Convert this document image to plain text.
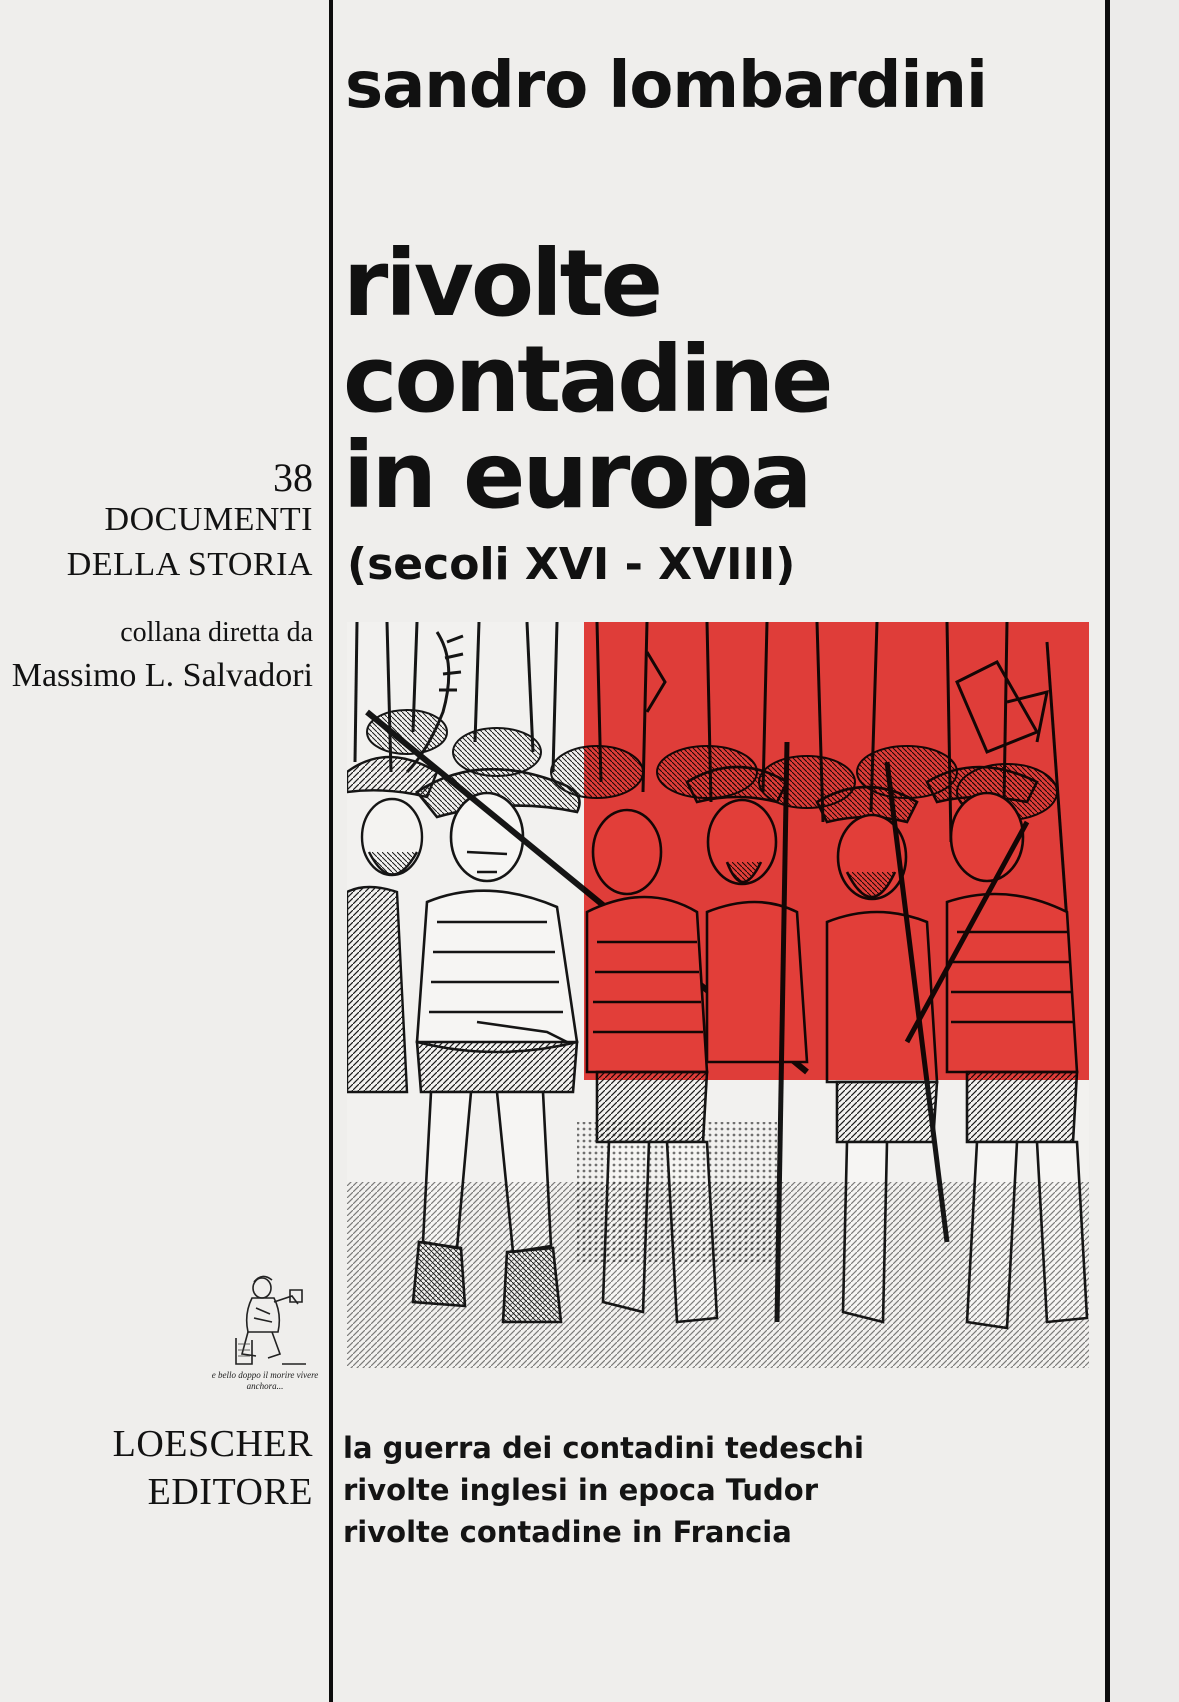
38
DOCUMENTI
DELLA STORIA
collana diretta da
Massimo L. Salvadori
e bello doppo il morire vivere anchora...
LOESCHER
EDITORE
sandro lombardini
rivolte
contadine
in europa
(secoli XVI - XVIII)
la guerra dei contadini tedeschi
rivolte inglesi in epoca Tudor
rivolte contadine in Francia
